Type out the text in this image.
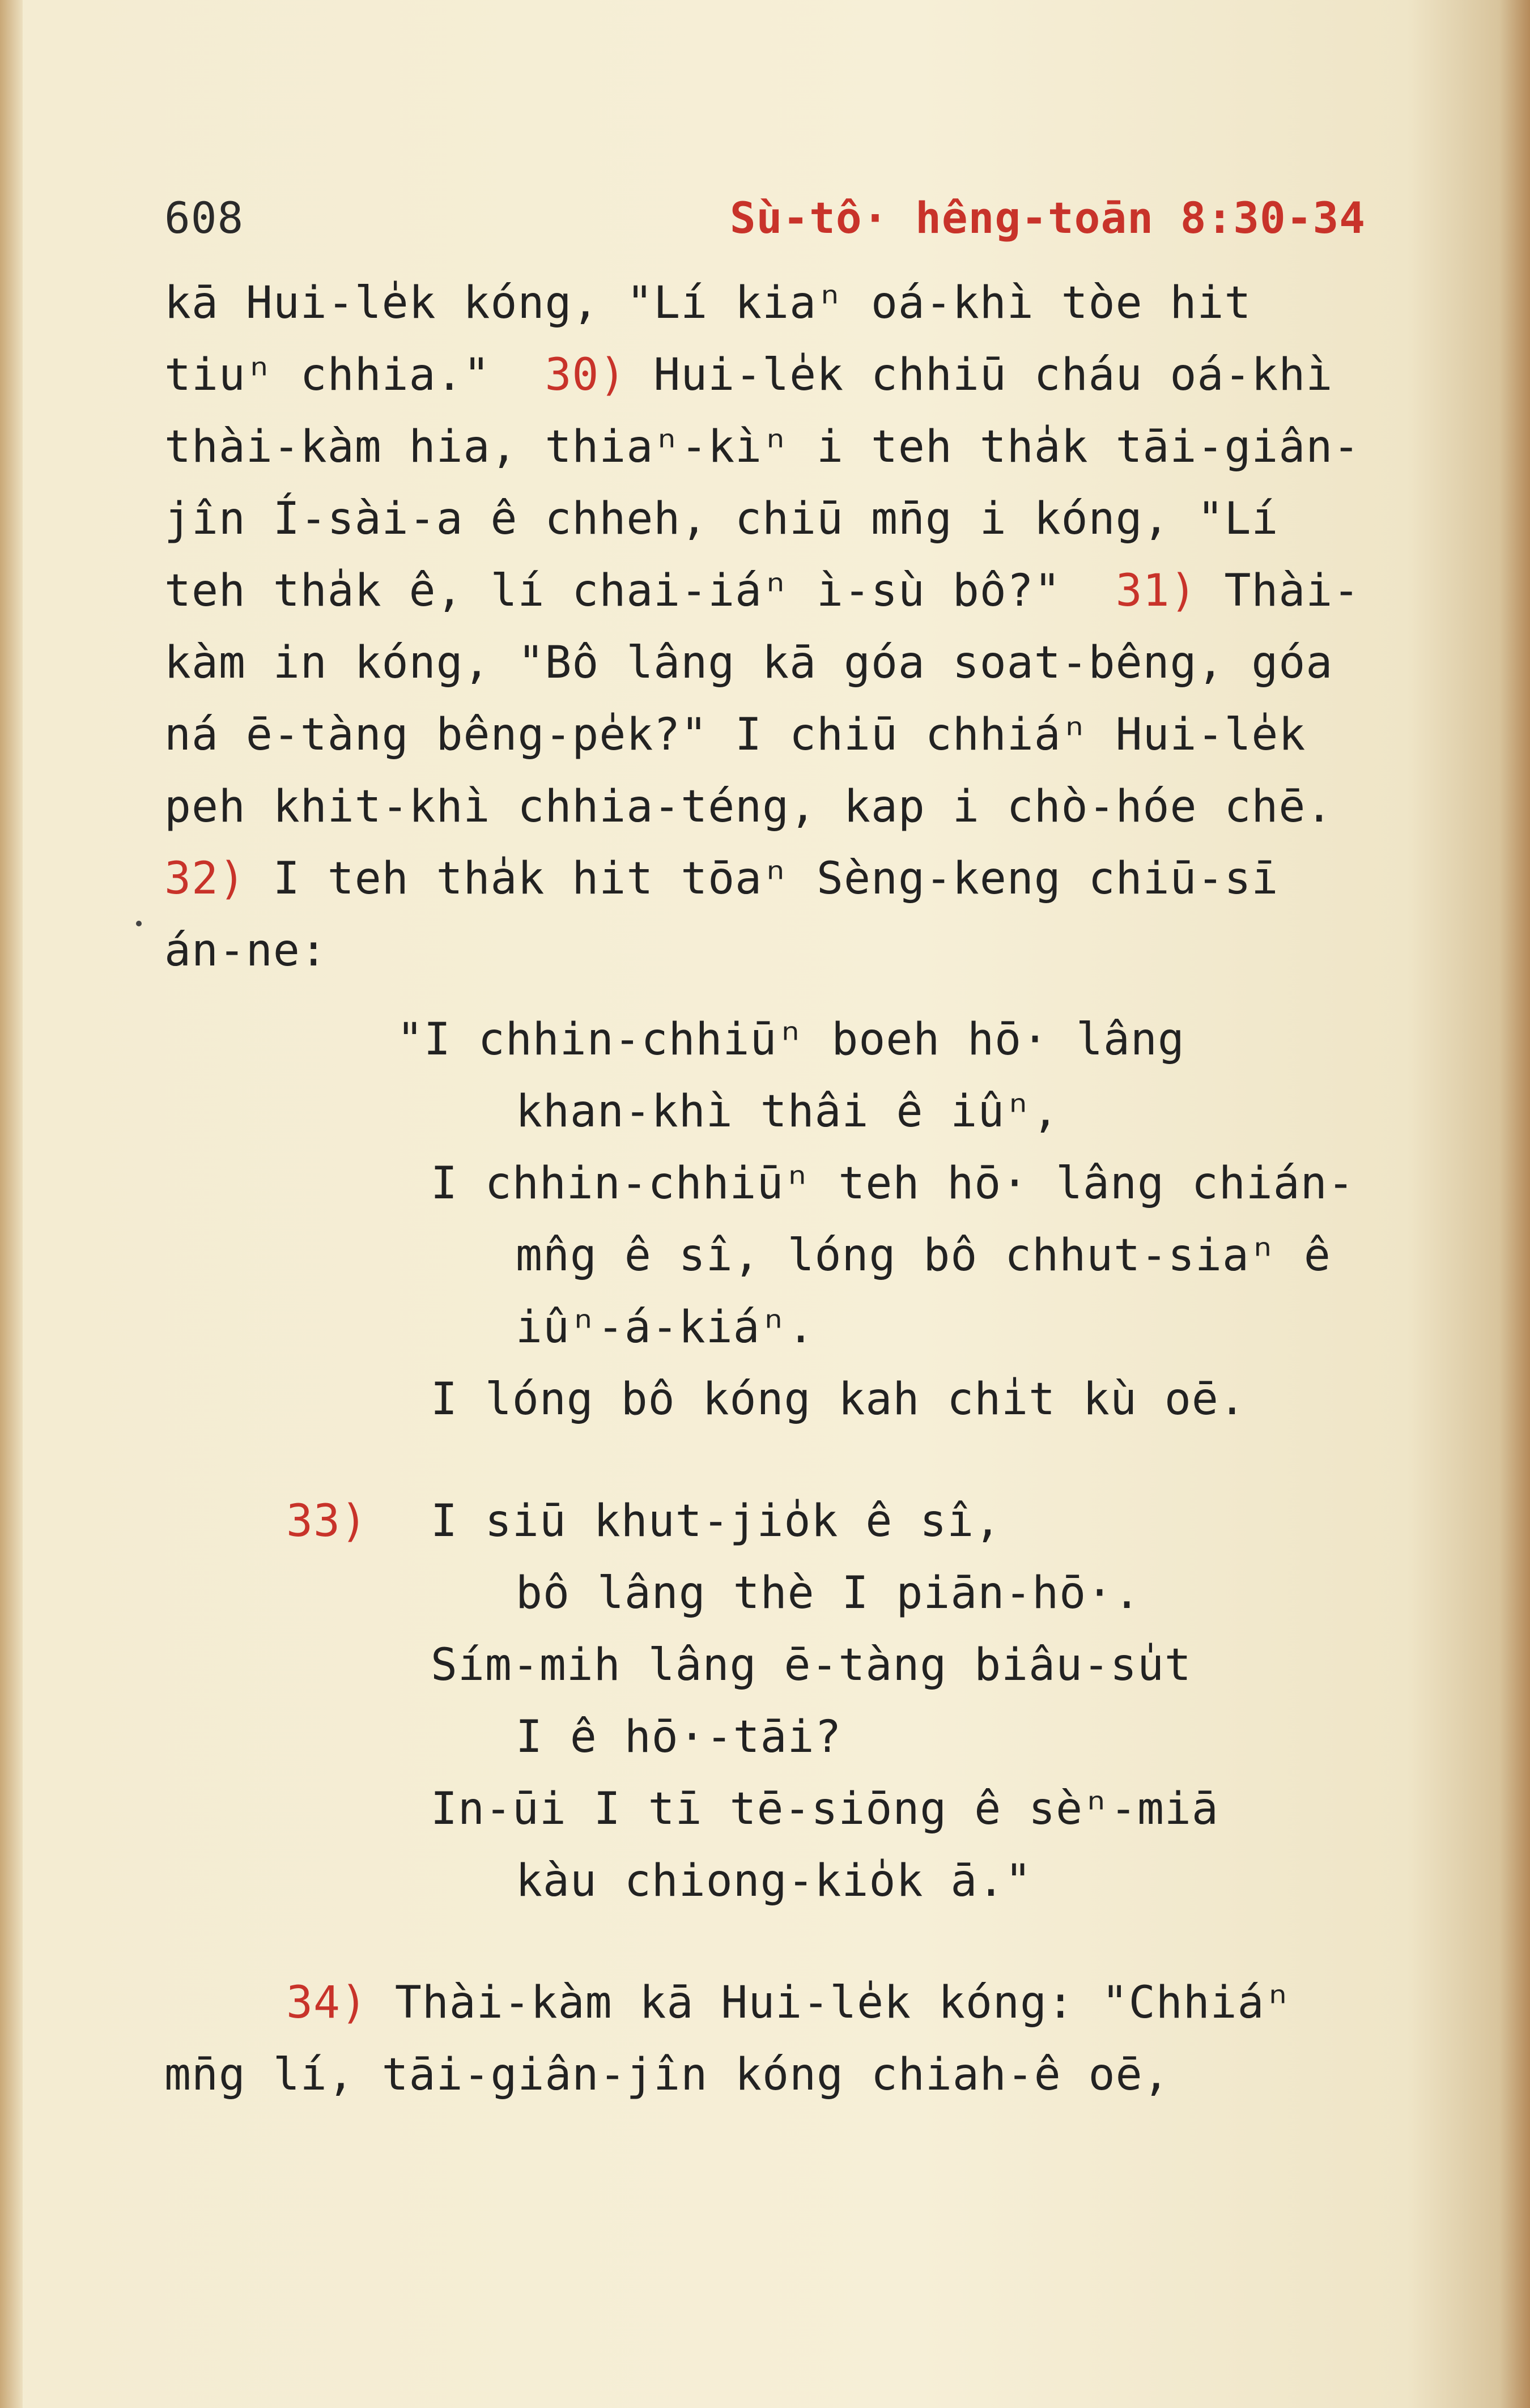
608	Sù-tô· hêng-toān 8:30-34
kā Hui-le̍k kóng, "Lí kiaⁿ oá-khì tòe hit
tiuⁿ chhia." 30) Hui-le̍k chhiū cháu oá-khì
thài-kàm hia, thiaⁿ-kìⁿ i teh tha̍k tāi-giân-
jîn Í-sài-a ê chheh, chiū mn̄g i kóng, "Lí
teh tha̍k ê, lí chai-iáⁿ ì-sù bô?" 31) Thài-
kàm in kóng, "Bô lâng kā góa soat-bêng, góa
ná ē-tàng bêng-pe̍k?" I chiū chhiáⁿ Hui-le̍k
peh khit-khì chhia-téng, kap i chò-hóe chē.
32) I teh tha̍k hit tōaⁿ Sèng-keng chiū-sī
án-ne:
"I chhin-chhiūⁿ boeh hō· lâng
khan-khì thâi ê iûⁿ,
I chhin-chhiūⁿ teh hō· lâng chián-
mn̂g ê sî, lóng bô chhut-siaⁿ ê
iûⁿ-á-kiáⁿ.
I lóng bô kóng kah chi̍t kù oē.
33) I siū khut-jio̍k ê sî,
bô lâng thè I piān-hō·.
Sím-mih lâng ē-tàng biâu-su̍t
I ê hō·-tāi?
In-ūi I tī tē-siōng ê sèⁿ-miā
kàu chiong-kio̍k ā."
34) Thài-kàm kā Hui-le̍k kóng: "Chhiáⁿ
mn̄g lí, tāi-giân-jîn kóng chiah-ê oē,
